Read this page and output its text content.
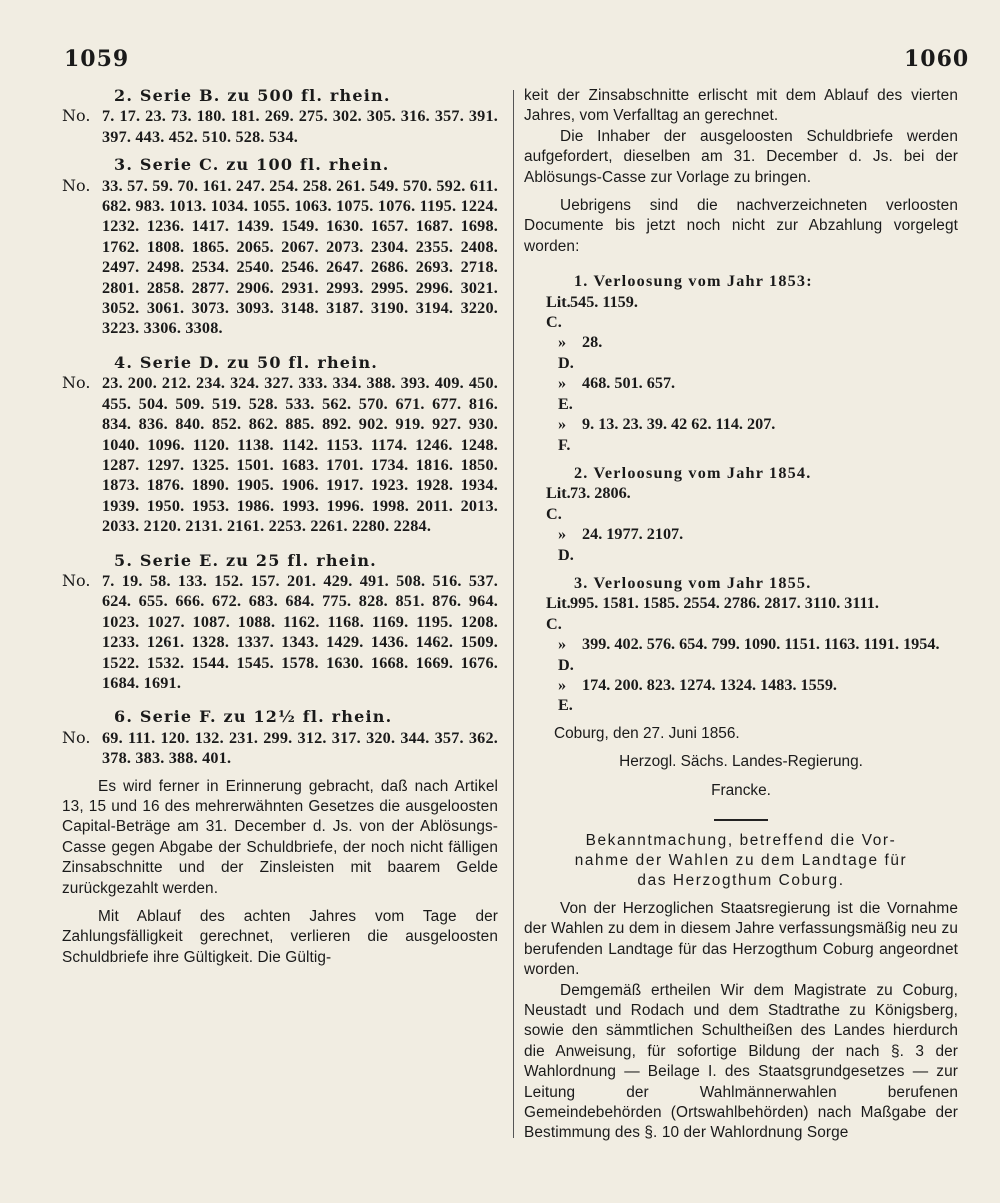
1059	1060
2. Serie B. zu 500 fl. rhein.
No. 7. 17. 23. 73. 180. 181. 269. 275. 302. 305. 316. 357. 391. 397. 443. 452. 510. 528. 534.
3. Serie C. zu 100 fl. rhein.
No. 33. 57. 59. 70. 161. 247. 254. 258. 261. 549. 570. 592. 611. 682. 983. 1013. 1034. 1055. 1063. 1075. 1076. 1195. 1224. 1232. 1236. 1417. 1439. 1549. 1630. 1657. 1687. 1698. 1762. 1808. 1865. 2065. 2067. 2073. 2304. 2355. 2408. 2497. 2498. 2534. 2540. 2546. 2647. 2686. 2693. 2718. 2801. 2858. 2877. 2906. 2931. 2993. 2995. 2996. 3021. 3052. 3061. 3073. 3093. 3148. 3187. 3190. 3194. 3220. 3223. 3306. 3308.
4. Serie D. zu 50 fl. rhein.
No. 23. 200. 212. 234. 324. 327. 333. 334. 388. 393. 409. 450. 455. 504. 509. 519. 528. 533. 562. 570. 671. 677. 816. 834. 836. 840. 852. 862. 885. 892. 902. 919. 927. 930. 1040. 1096. 1120. 1138. 1142. 1153. 1174. 1246. 1248. 1287. 1297. 1325. 1501. 1683. 1701. 1734. 1816. 1850. 1873. 1876. 1890. 1905. 1906. 1917. 1923. 1928. 1934. 1939. 1950. 1953. 1986. 1993. 1996. 1998. 2011. 2013. 2033. 2120. 2131. 2161. 2253. 2261. 2280. 2284.
5. Serie E. zu 25 fl. rhein.
No. 7. 19. 58. 133. 152. 157. 201. 429. 491. 508. 516. 537. 624. 655. 666. 672. 683. 684. 775. 828. 851. 876. 964. 1023. 1027. 1087. 1088. 1162. 1168. 1169. 1195. 1208. 1233. 1261. 1328. 1337. 1343. 1429. 1436. 1462. 1509. 1522. 1532. 1544. 1545. 1578. 1630. 1668. 1669. 1676. 1684. 1691.
6. Serie F. zu 12½ fl. rhein.
No. 69. 111. 120. 132. 231. 299. 312. 317. 320. 344. 357. 362. 378. 383. 388. 401.

Es wird ferner in Erinnerung gebracht, daß nach Artikel 13, 15 und 16 des mehrerwähnten Gesetzes die ausgeloosten Capital-Beträge am 31. December d. Js. von der Ablösungs-Casse gegen Abgabe der Schuldbriefe, der noch nicht fälligen Zinsabschnitte und der Zinsleisten mit baarem Gelde zurückgezahlt werden.

Mit Ablauf des achten Jahres vom Tage der Zahlungsfälligkeit gerechnet, verlieren die ausgeloosten Schuldbriefe ihre Gültigkeit. Die Gültig-

keit der Zinsabschnitte erlischt mit dem Ablauf des vierten Jahres, vom Verfalltag an gerechnet.

Die Inhaber der ausgeloosten Schuldbriefe werden aufgefordert, dieselben am 31. December d. Js. bei der Ablösungs-Casse zur Vorlage zu bringen.

Uebrigens sind die nachverzeichneten verloosten Documente bis jetzt noch nicht zur Abzahlung vorgelegt worden:

1. Verloosung vom Jahr 1853:
Lit. C.
545. 1159.
» D.
28.
» E.
468. 501. 657.
» F.
9. 13. 23. 39. 42 62. 114. 207.
2. Verloosung vom Jahr 1854.
Lit. C.
73. 2806.
» D.
24. 1977. 2107.
3. Verloosung vom Jahr 1855.
Lit. C.
995. 1581. 1585. 2554. 2786. 2817. 3110. 3111.
» D.
399. 402. 576. 654. 799. 1090. 1151. 1163. 1191. 1954.
» E.
174. 200. 823. 1274. 1324. 1483. 1559.
Coburg, den 27. Juni 1856.
Herzogl. Sächs. Landes-Regierung.
Francke.
Bekanntmachung, betreffend die Vor-
nahme der Wahlen zu dem Landtage für
das Herzogthum Coburg.

Von der Herzoglichen Staatsregierung ist die Vornahme der Wahlen zu dem in diesem Jahre verfassungsmäßig neu zu berufenden Landtage für das Herzogthum Coburg angeordnet worden.

Demgemäß ertheilen Wir dem Magistrate zu Coburg, Neustadt und Rodach und dem Stadtrathe zu Königsberg, sowie den sämmtlichen Schultheißen des Landes hierdurch die Anweisung, für sofortige Bildung der nach §. 3 der Wahlordnung — Beilage I. des Staatsgrundgesetzes — zur Leitung der Wahlmännerwahlen berufenen Gemeindebehörden (Ortswahlbehörden) nach Maßgabe der Bestimmung des §. 10 der Wahlordnung Sorge
